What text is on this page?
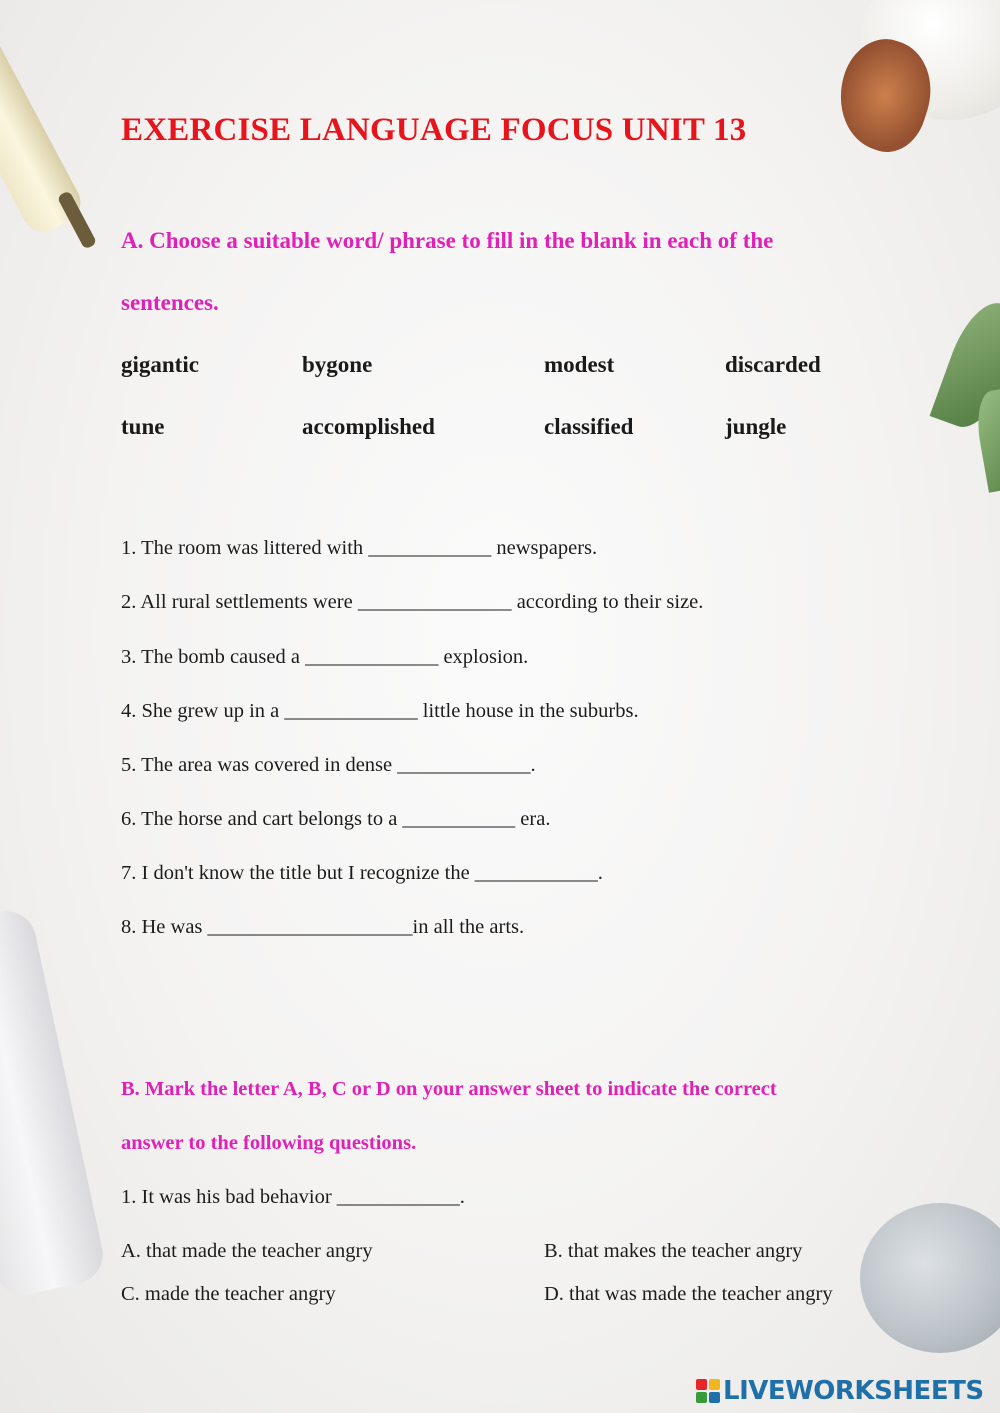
EXERCISE LANGUAGE FOCUS UNIT 13

A. Choose a suitable word/ phrase to fill in the blank in each of the

sentences.

gigantic	bygone	modest	discarded
tune	accomplished	classified	jungle
1. The room was littered with ____________ newspapers.
2. All rural settlements were _______________ according to their size.
3. The bomb caused a _____________ explosion.
4. She grew up in a _____________ little house in the suburbs.
5. The area was covered in dense _____________.
6. The horse and cart belongs to a ___________ era.
7. I don't know the title but I recognize the ____________.
8. He was ____________________in all the arts.

B. Mark the letter A, B, C or D on your answer sheet to indicate the correct

answer to the following questions.

1. It was his bad behavior ____________.
A. that made the teacher angry	B. that makes the teacher angry
C. made the teacher angry	D. that was made the teacher angry
LIVEWORKSHEETS
